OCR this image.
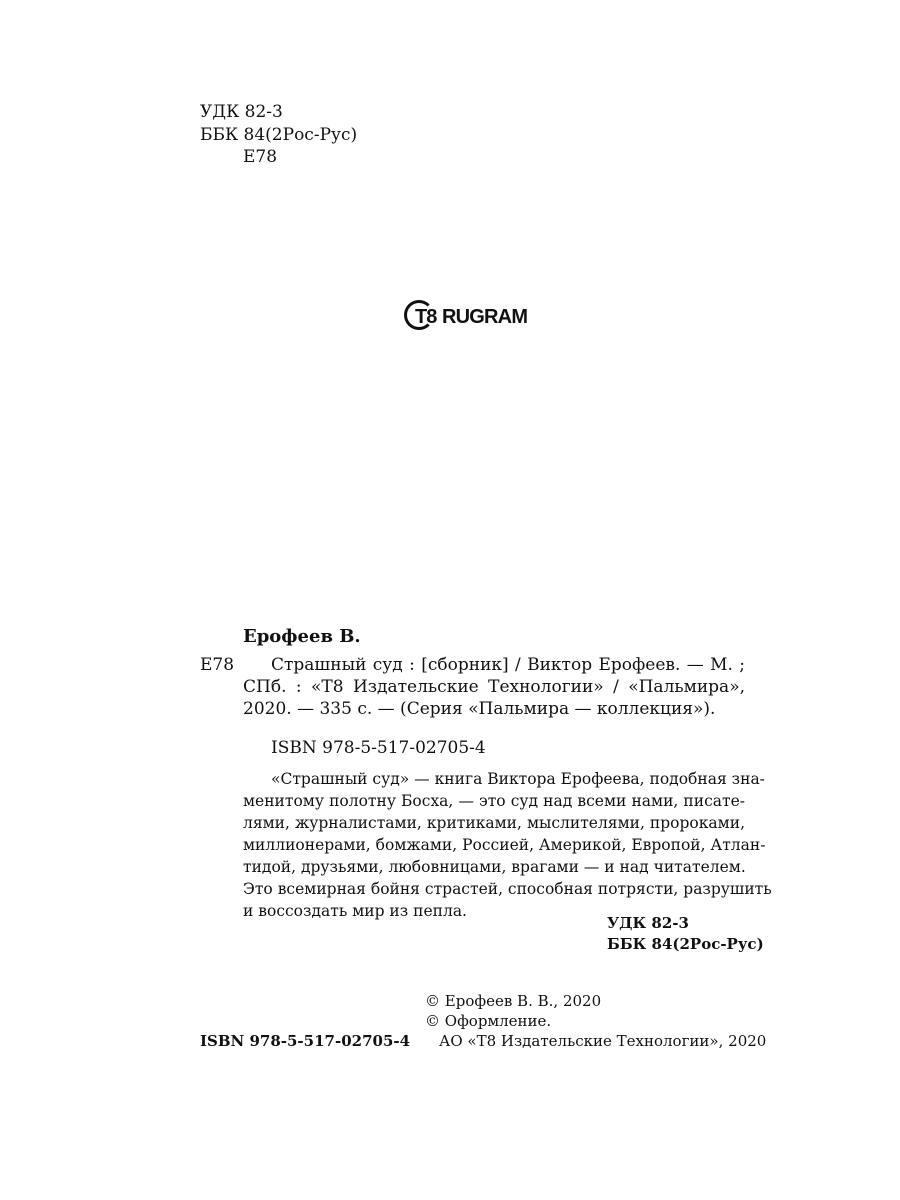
УДК 82-3
ББК 84(2Рос-Рус)
Е78
T8 RUGRAM
Ерофеев В.
Е78	Страшный суд : [сборник] / Виктор Ерофеев. — М. ;
СПб. : «Т8 Издательские Технологии» / «Пальмира»,
2020. — 335 с. — (Серия «Пальмира — коллекция»).
ISBN 978-5-517-02705-4
«Страшный суд» — книга Виктора Ерофеева, подобная зна-
менитому полотну Босха, — это суд над всеми нами, писате-
лями, журналистами, критиками, мыслителями, пророками,
миллионерами, бомжами, Россией, Америкой, Европой, Атлан-
тидой, друзьями, любовницами, врагами — и над читателем.
Это всемирная бойня страстей, способная потрясти, разрушить
и воссоздать мир из пепла.
УДК 82-3
ББК 84(2Рос-Рус)
© Ерофеев В. В., 2020
© Оформление.
ISBN 978-5-517-02705-4 АО «Т8 Издательские Технологии», 2020
